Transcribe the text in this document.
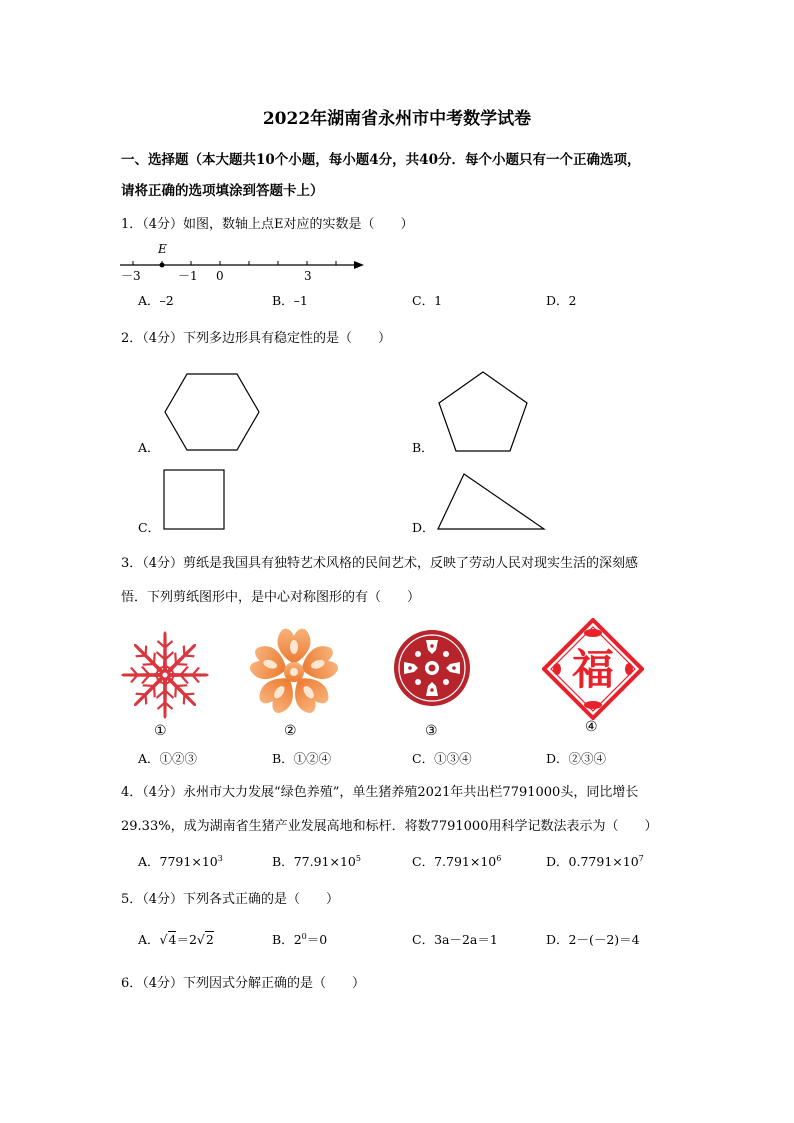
2022年湖南省永州市中考数学试卷
一、选择题（本大题共10个小题，每小题4分，共40分．每个小题只有一个正确选项，
请将正确的选项填涂到答题卡上）
1．（4分）如图，数轴上点E对应的实数是（　　）
E
－3	－1 0	3
A．–2	B．–1	C．1	D．2
2．（4分）下列多边形具有稳定性的是（　　）
A．	B．
C．	D．
3．（4分）剪纸是我国具有独特艺术风格的民间艺术，反映了劳动人民对现实生活的深刻感
悟．下列剪纸图形中，是中心对称图形的有（　　）
①	②	③
福
④
A．①②③	B．①②④	C．①③④	D．②③④
4．（4分）永州市大力发展“绿色养殖”，单生猪养殖2021年共出栏7791000头，同比增长
29.33%，成为湖南省生猪产业发展高地和标杆．将数7791000用科学记数法表示为（　　）
A．$7791\times 10^3$	B．$77.91\times 10^5$	C．$7.791\times 10^6$	D．$0.7791\times 10^7$
5．（4分）下列各式正确的是（　　）
A．√4＝2√2	B．$2^0=0$	C．3a－2a＝1	D．2－(－2)＝4
6．（4分）下列因式分解正确的是（　　）
